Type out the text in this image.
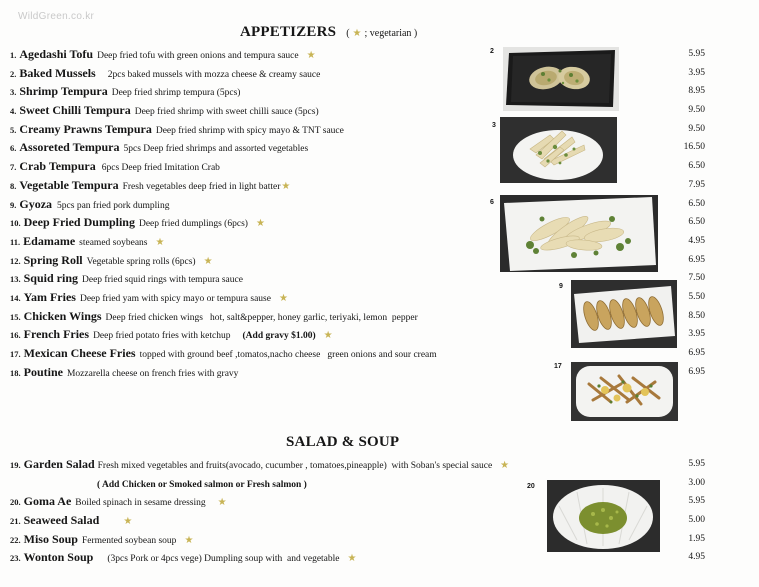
WildGreen.co.kr
APPETIZERS ( ★ ; vegetarian )
1. Agedashi Tofu Deep fried tofu with green onions and tempura sauce ★	5.95
2. Baked Mussels 2pcs baked mussels with mozza cheese & creamy sauce	3.95
3. Shrimp Tempura Deep fried shrimp tempura (5pcs)	8.95
4. Sweet Chilli Tempura Deep fried shrimp with sweet chilli sauce (5pcs)	9.50
5. Creamy Prawns Tempura Deep fried shrimp with spicy mayo & TNT sauce	9.50
6. Assoreted Tempura 5pcs Deep fried shrimps and assorted vegetables	16.50
7. Crab Tempura 6pcs Deep fried Imitation Crab	6.50
8. Vegetable Tempura Fresh vegetables deep fried in light batter★	7.95
9. Gyoza 5pcs pan fried pork dumpling	6.50
10. Deep Fried Dumpling Deep fried dumplings (6pcs) ★	6.50
11. Edamame steamed soybeans ★	4.95
12. Spring Roll Vegetable spring rolls (6pcs) ★	6.95
13. Squid ring Deep fried squid rings with tempura sauce	7.50
14. Yam Fries Deep fried yam with spicy mayo or tempura sause ★	5.50
15. Chicken Wings Deep fried chicken wings   hot, salt&pepper, honey garlic, teriyaki, lemon  pepper	8.50
16. French Fries Deep fried potato fries with ketchup (Add gravy $1.00) ★	3.95
17. Mexican Cheese Fries topped with ground beef ,tomatos,nacho cheese   green onions and sour cream	6.95
18. Poutine Mozzarella cheese on french fries with gravy	6.95
SALAD & SOUP
19. Garden Salad Fresh mixed vegetables and fruits(avocado, cucumber , tomatoes,pineapple)  with Soban's special sauce ★	5.95
( Add Chicken or Smoked salmon or Fresh salmon )	3.00
20. Goma Ae Boiled spinach in sesame dressing ★	5.95
21. Seaweed Salad ★	5.00
22. Miso Soup Fermented soybean soup ★	1.95
23. Wonton Soup (3pcs Pork or 4pcs vege) Dumpling soup with  and vegetable ★	4.95
2
3
6
9
17
20
